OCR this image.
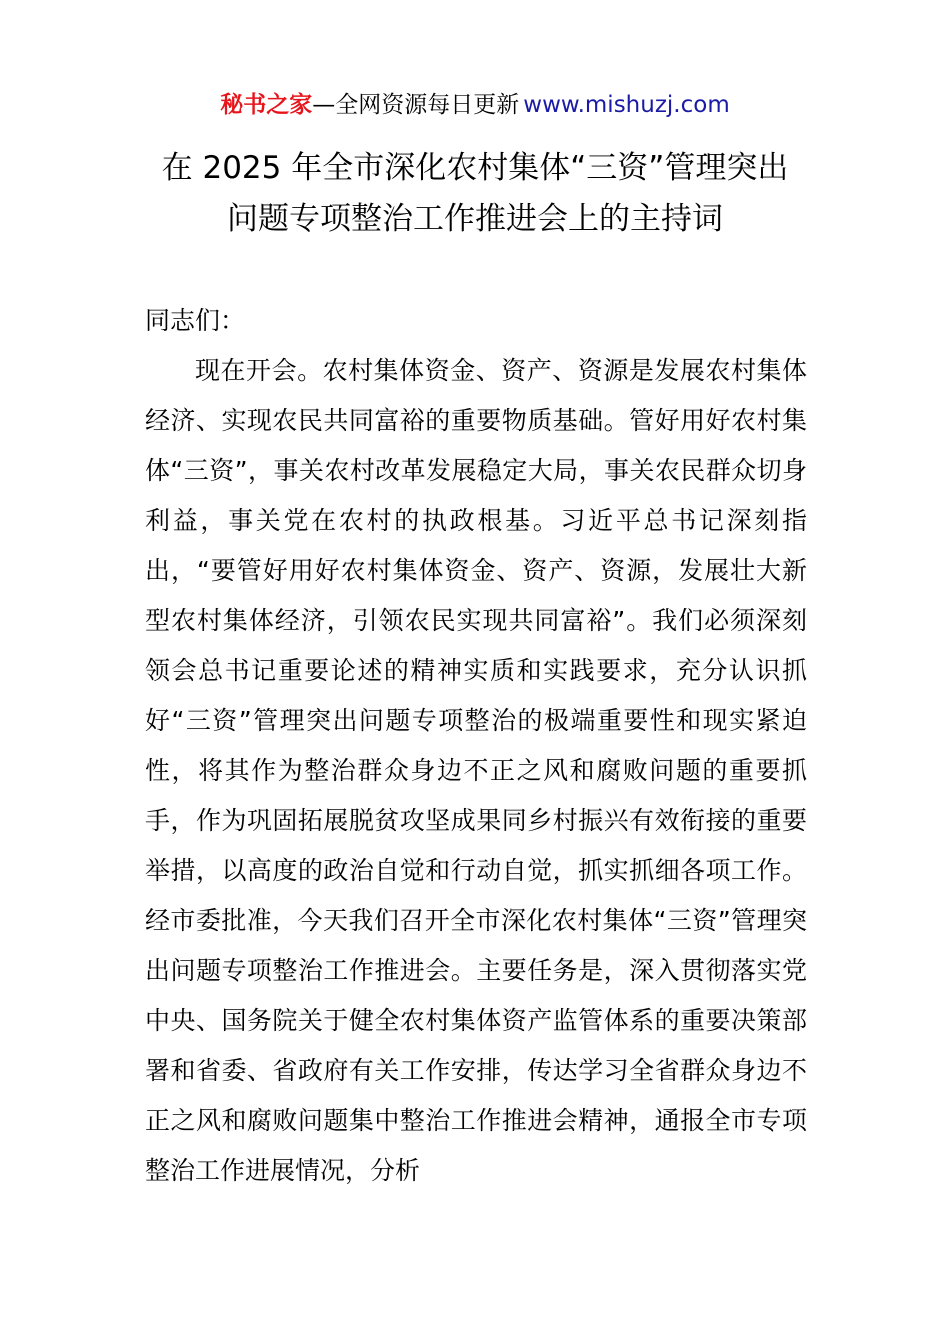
秘书之家—全网资源每日更新 www.mishuzj.com
在 2025 年全市深化农村集体“三资”管理突出
问题专项整治工作推进会上的主持词

同志们：

现在开会。农村集体资金、资产、资源是发展农村集体经济、实现农民共同富裕的重要物质基础。管好用好农村集体“三资”，事关农村改革发展稳定大局，事关农民群众切身利益，事关党在农村的执政根基。习近平总书记深刻指出，“要管好用好农村集体资金、资产、资源，发展壮大新型农村集体经济，引领农民实现共同富裕”。我们必须深刻领会总书记重要论述的精神实质和实践要求，充分认识抓好“三资”管理突出问题专项整治的极端重要性和现实紧迫性，将其作为整治群众身边不正之风和腐败问题的重要抓手，作为巩固拓展脱贫攻坚成果同乡村振兴有效衔接的重要举措，以高度的政治自觉和行动自觉，抓实抓细各项工作。经市委批准，今天我们召开全市深化农村集体“三资”管理突出问题专项整治工作推进会。主要任务是，深入贯彻落实党中央、国务院关于健全农村集体资产监管体系的重要决策部署和省委、省政府有关工作安排，传达学习全省群众身边不正之风和腐败问题集中整治工作推进会精神，通报全市专项整治工作进展情况，分析
